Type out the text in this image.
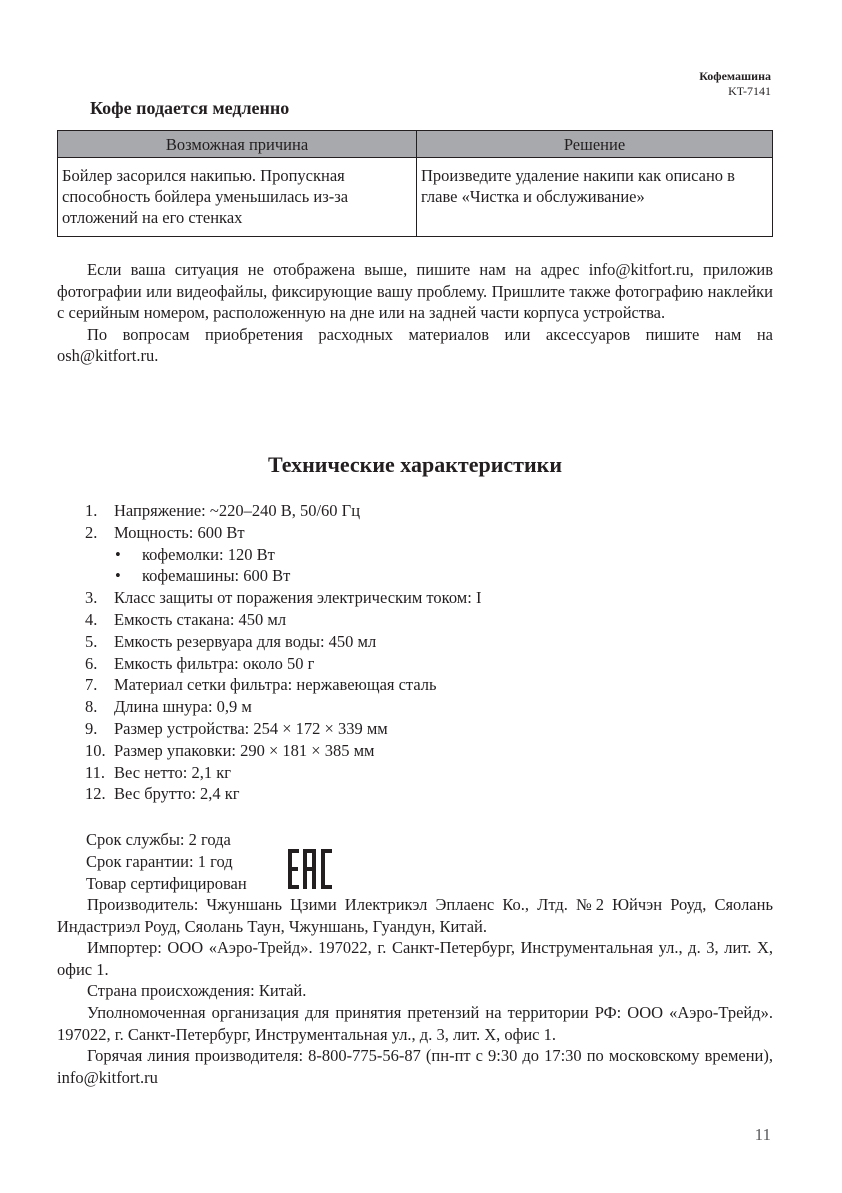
Кофемашина
KT-7141
Кофе подается медленно
Возможная причина	Решение
Бойлер засорился накипью. Пропускная способность бойлера уменьшилась из-за отложений на его стенках	Произведите удаление накипи как описано в главе «Чистка и обслуживание»

Если ваша ситуация не отображена выше, пишите нам на адрес info@kitfort.ru, приложив фотографии или видеофайлы, фиксирующие вашу проблему. Пришлите также фотографию наклейки с серийным номером, расположенную на дне или на задней части корпуса устройства.

По вопросам приобретения расходных материалов или аксессуаров пишите нам на osh@kitfort.ru.

Технические характеристики
1. Напряжение: ~220–240 В, 50/60 Гц
2. Мощность: 600 Вт
• кофемолки: 120 Вт
• кофемашины: 600 Вт
3. Класс защиты от поражения электрическим током: I
4. Емкость стакана: 450 мл
5. Емкость резервуара для воды: 450 мл
6. Емкость фильтра: около 50 г
7. Материал сетки фильтра: нержавеющая сталь
8. Длина шнура: 0,9 м
9. Размер устройства: 254 × 172 × 339 мм
10. Размер упаковки: 290 × 181 × 385 мм
11. Вес нетто: 2,1 кг
12. Вес брутто: 2,4 кг
Срок службы: 2 года
Срок гарантии: 1 год
Товар сертифицирован

Производитель: Чжуншань Цзими Илектрикэл Эплаенс Ко., Лтд. №2 Юйчэн Роуд, Сяолань Индастриэл Роуд, Сяолань Таун, Чжуншань, Гуандун, Китай.

Импортер: ООО «Аэро-Трейд». 197022, г. Санкт-Петербург, Инструментальная ул., д. 3, лит. Х, офис 1.

Страна происхождения: Китай.

Уполномоченная организация для принятия претензий на территории РФ: ООО «Аэро-Трейд». 197022, г. Санкт-Петербург, Инструментальная ул., д. 3, лит. Х, офис 1.

Горячая линия производителя: 8-800-775-56-87 (пн-пт с 9:30 до 17:30 по московскому времени), info@kitfort.ru

11
